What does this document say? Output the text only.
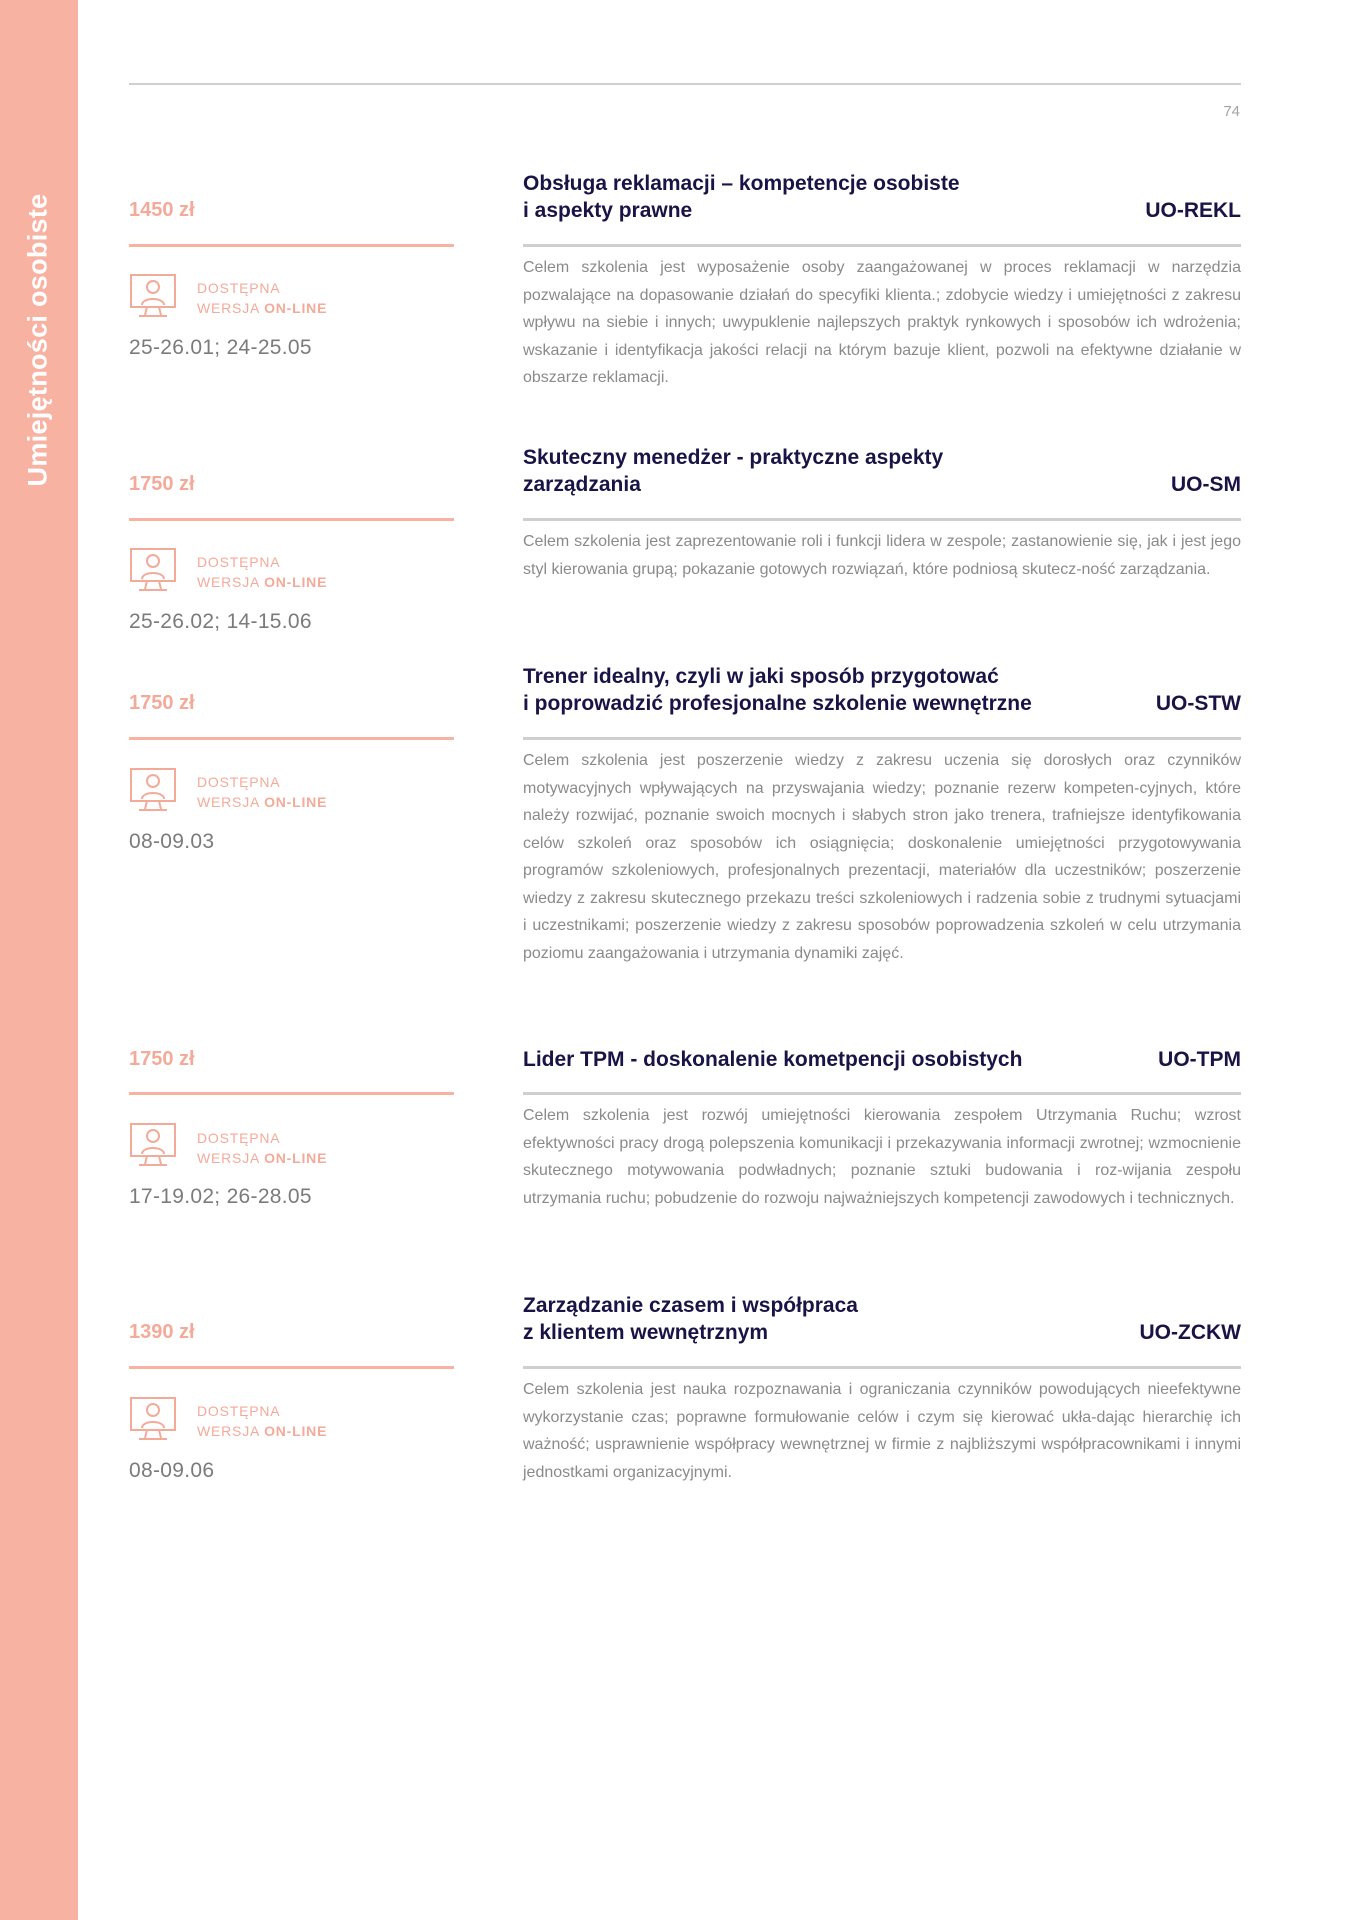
Umiejętności osobiste
74
1450 zł
DOSTĘPNA
WERSJA ON-LINE
25-26.01; 24-25.05
Obsługa reklamacji – kompetencje osobiste
i aspekty prawne	UO-REKL

Celem szkolenia jest wyposażenie osoby zaangażowanej w proces reklamacji w narzędzia pozwalające na dopasowanie działań do specyfiki klienta.; zdobycie wiedzy i umiejętności z zakresu wpływu na siebie i innych; uwypuklenie najlepszych praktyk rynkowych i sposobów ich wdrożenia; wskazanie i identyfikacja jakości relacji na którym bazuje klient, pozwoli na efektywne działanie w obszarze reklamacji.

1750 zł
DOSTĘPNA
WERSJA ON-LINE
25-26.02; 14-15.06
Skuteczny menedżer - praktyczne aspekty
zarządzania	UO-SM

Celem szkolenia jest zaprezentowanie roli i funkcji lidera w zespole; zastanowienie się, jak i jest jego styl kierowania grupą; pokazanie gotowych rozwiązań, które podniosą skutecz-ność zarządzania.

1750 zł
DOSTĘPNA
WERSJA ON-LINE
08-09.03
Trener idealny, czyli w jaki sposób przygotować
i poprowadzić profesjonalne szkolenie wewnętrzne	UO-STW

Celem szkolenia jest poszerzenie wiedzy z zakresu uczenia się dorosłych oraz czynników motywacyjnych wpływających na przyswajania wiedzy; poznanie rezerw kompeten-cyjnych, które należy rozwijać, poznanie swoich mocnych i słabych stron jako trenera, trafniejsze identyfikowania celów szkoleń oraz sposobów ich osiągnięcia; doskonalenie umiejętności przygotowywania programów szkoleniowych, profesjonalnych prezentacji, materiałów dla uczestników; poszerzenie wiedzy z zakresu skutecznego przekazu treści szkoleniowych i radzenia sobie z trudnymi sytuacjami i uczestnikami; poszerzenie wiedzy z zakresu sposobów poprowadzenia szkoleń w celu utrzymania poziomu zaangażowania i utrzymania dynamiki zajęć.

1750 zł
DOSTĘPNA
WERSJA ON-LINE
17-19.02; 26-28.05
Lider TPM - doskonalenie kometpencji osobistych	UO-TPM

Celem szkolenia jest rozwój umiejętności kierowania zespołem Utrzymania Ruchu; wzrost efektywności pracy drogą polepszenia komunikacji i przekazywania informacji zwrotnej; wzmocnienie skutecznego motywowania podwładnych; poznanie sztuki budowania i roz-wijania zespołu utrzymania ruchu; pobudzenie do rozwoju najważniejszych kompetencji zawodowych i technicznych.

1390 zł
DOSTĘPNA
WERSJA ON-LINE
08-09.06
Zarządzanie czasem i współpraca
z klientem wewnętrznym	UO-ZCKW

Celem szkolenia jest nauka rozpoznawania i ograniczania czynników powodujących nieefektywne wykorzystanie czas; poprawne formułowanie celów i czym się kierować ukła-dając hierarchię ich ważność; usprawnienie współpracy wewnętrznej w firmie z najbliższymi współpracownikami i innymi jednostkami organizacyjnymi.
